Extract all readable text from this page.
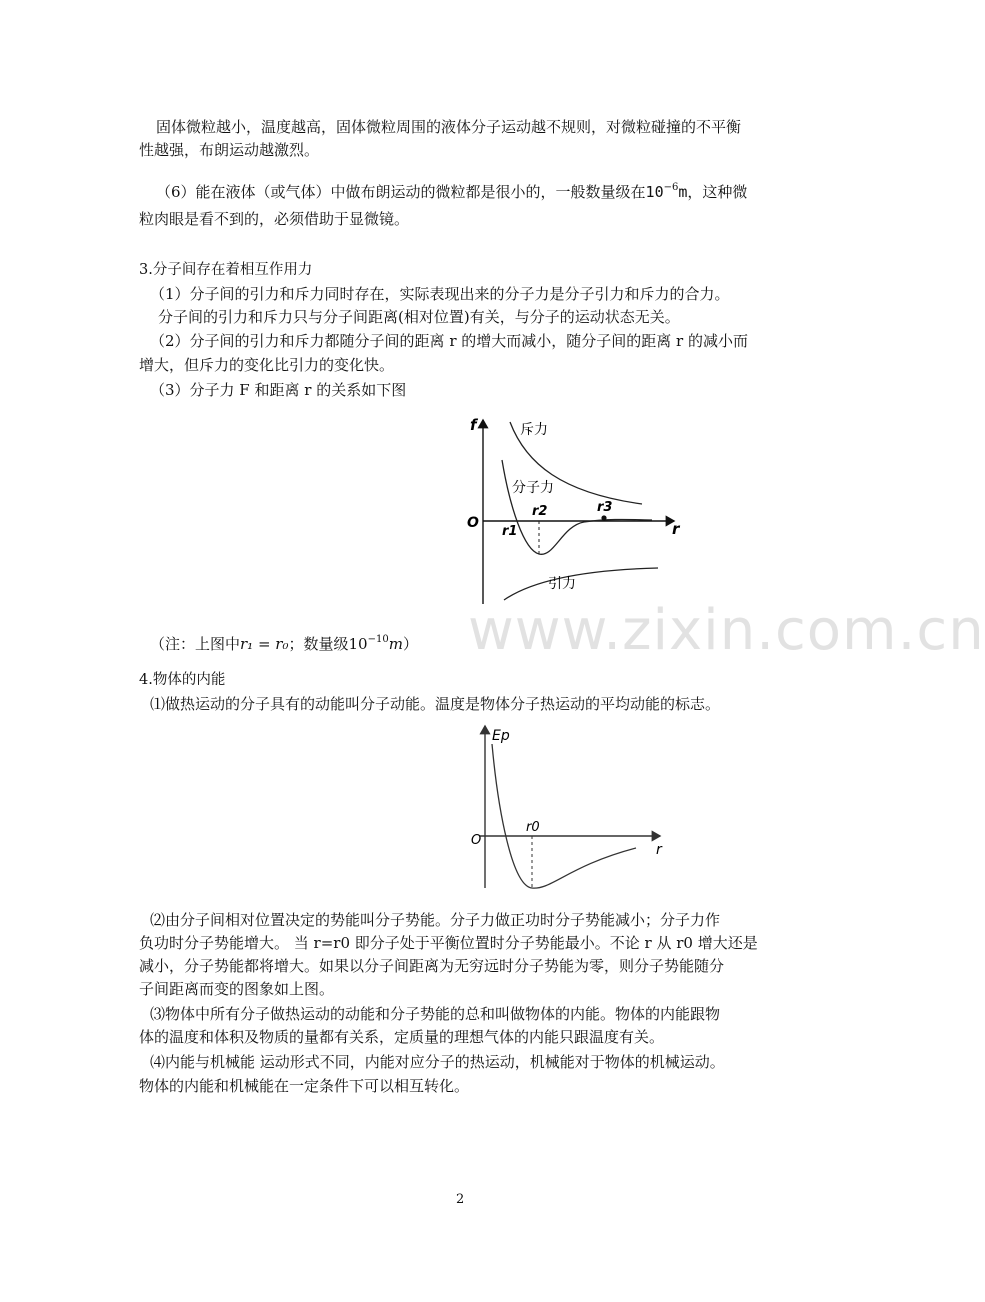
固体微粒越小，温度越高，固体微粒周围的液体分子运动越不规则，对微粒碰撞的不平衡
性越强，布朗运动越激烈。
（6）能在液体（或气体）中做布朗运动的微粒都是很小的，一般数量级在$10^{-6}m$，这种微
粒肉眼是看不到的，必须借助于显微镜。
3.分子间存在着相互作用力
（1）分子间的引力和斥力同时存在，实际表现出来的分子力是分子引力和斥力的合力。
分子间的引力和斥力只与分子间距离(相对位置)有关，与分子的运动状态无关。
（2）分子间的引力和斥力都随分子间的距离 r 的增大而减小，随分子间的距离 r 的减小而
增大，但斥力的变化比引力的变化快。
（3）分子力 F 和距离 r 的关系如下图
f
r
O
斥力
分子力
引力
r1
r2	r3
（注：上图中r₁ = r₀；数量级$10^{-10}m$）
4.物体的内能
⑴做热运动的分子具有的动能叫分子动能。温度是物体分子热运动的平均动能的标志。
Ep
r
O
r0
⑵由分子间相对位置决定的势能叫分子势能。分子力做正功时分子势能减小；分子力作
负功时分子势能增大。 当 r=r0 即分子处于平衡位置时分子势能最小。不论 r 从 r0 增大还是
减小，分子势能都将增大。如果以分子间距离为无穷远时分子势能为零，则分子势能随分
子间距离而变的图象如上图。
⑶物体中所有分子做热运动的动能和分子势能的总和叫做物体的内能。物体的内能跟物
体的温度和体积及物质的量都有关系，定质量的理想气体的内能只跟温度有关。
⑷内能与机械能 运动形式不同，内能对应分子的热运动，机械能对于物体的机械运动。
物体的内能和机械能在一定条件下可以相互转化。
www.zixin.com.cn
2
